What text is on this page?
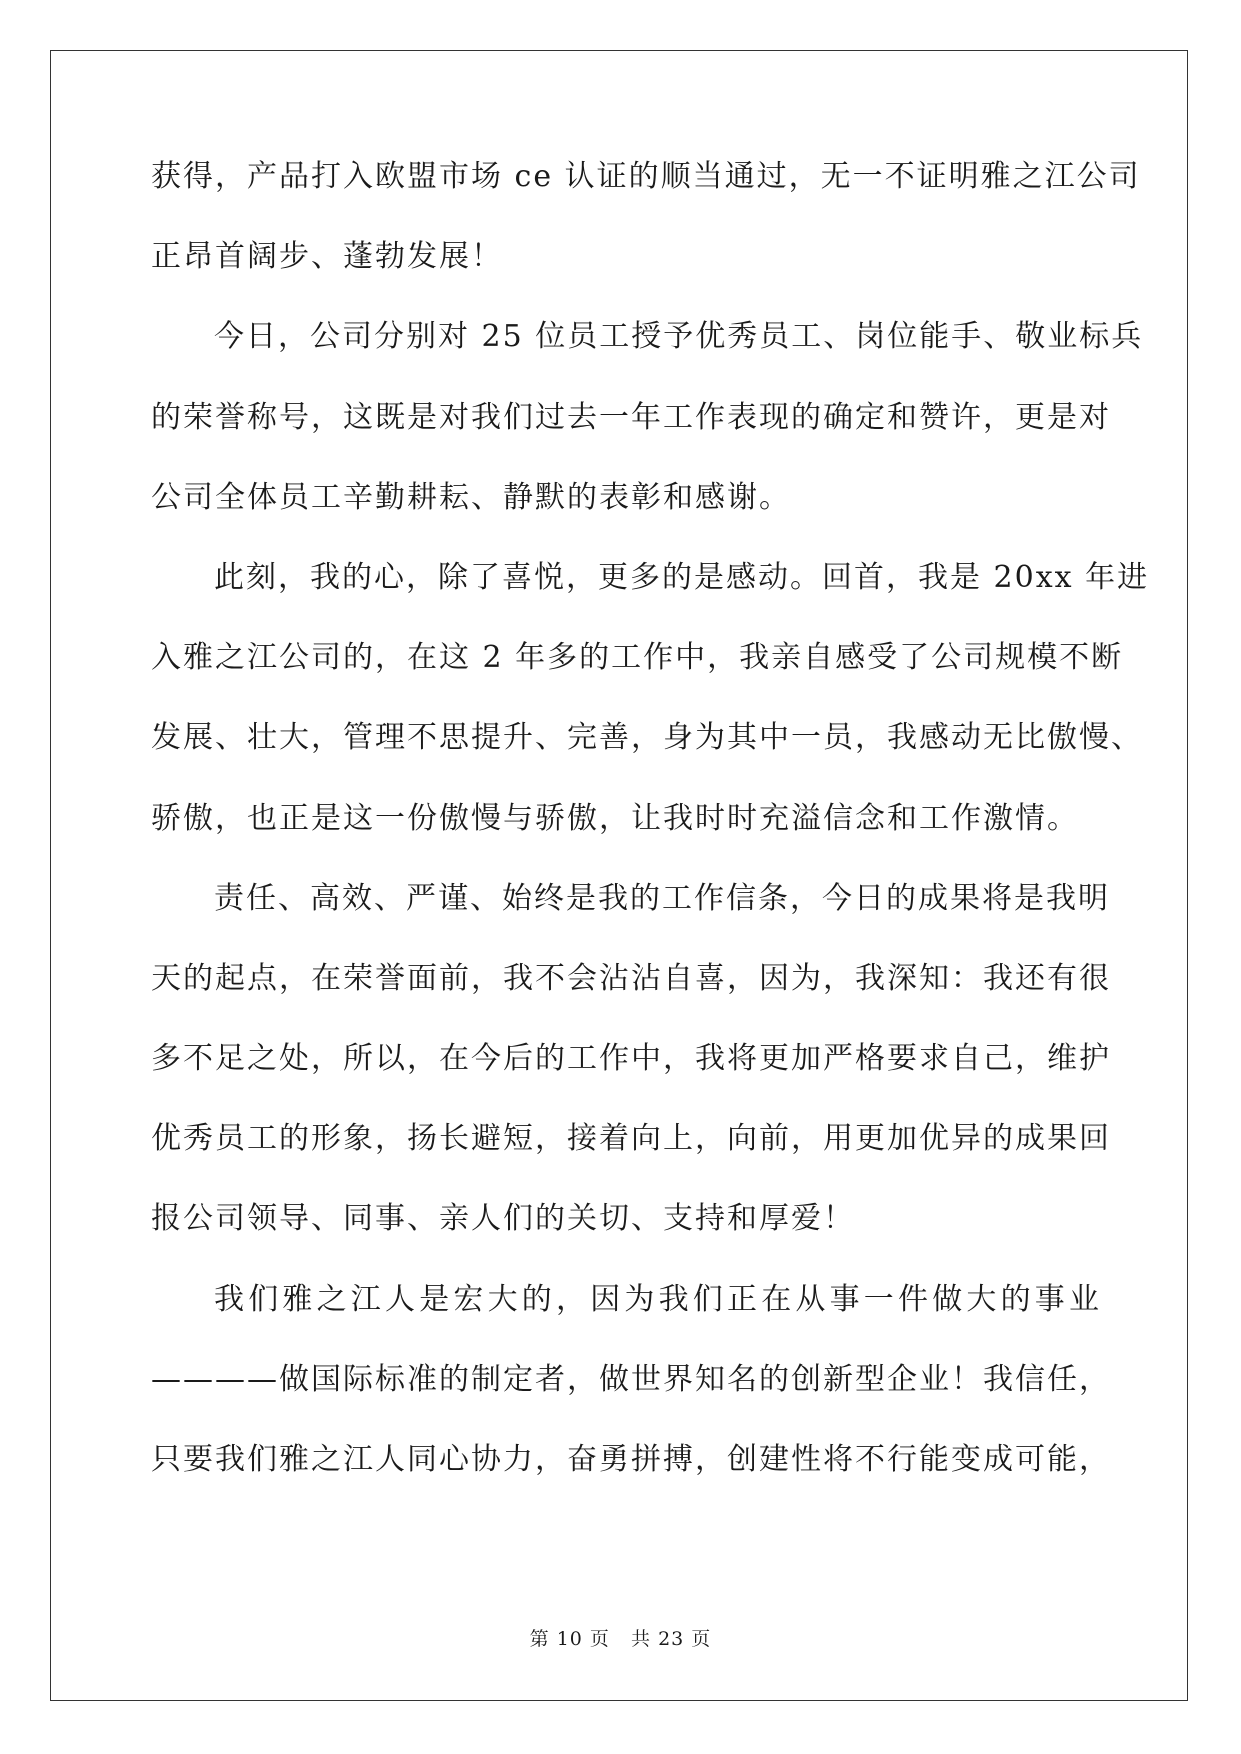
获得，产品打入欧盟市场 ce 认证的顺当通过，无一不证明雅之江公司
正昂首阔步、蓬勃发展！
今日，公司分别对 25 位员工授予优秀员工、岗位能手、敬业标兵
的荣誉称号，这既是对我们过去一年工作表现的确定和赞许，更是对
公司全体员工辛勤耕耘、静默的表彰和感谢。
此刻，我的心，除了喜悦，更多的是感动。回首，我是 20xx 年进
入雅之江公司的，在这 2 年多的工作中，我亲自感受了公司规模不断
发展、壮大，管理不思提升、完善，身为其中一员，我感动无比傲慢、
骄傲，也正是这一份傲慢与骄傲，让我时时充溢信念和工作激情。
责任、高效、严谨、始终是我的工作信条，今日的成果将是我明
天的起点，在荣誉面前，我不会沾沾自喜，因为，我深知：我还有很
多不足之处，所以，在今后的工作中，我将更加严格要求自己，维护
优秀员工的形象，扬长避短，接着向上，向前，用更加优异的成果回
报公司领导、同事、亲人们的关切、支持和厚爱！
我们雅之江人是宏大的，因为我们正在从事一件做大的事业
————做国际标准的制定者，做世界知名的创新型企业！我信任，
只要我们雅之江人同心协力，奋勇拼搏，创建性将不行能变成可能，
第 10 页   共 23 页
